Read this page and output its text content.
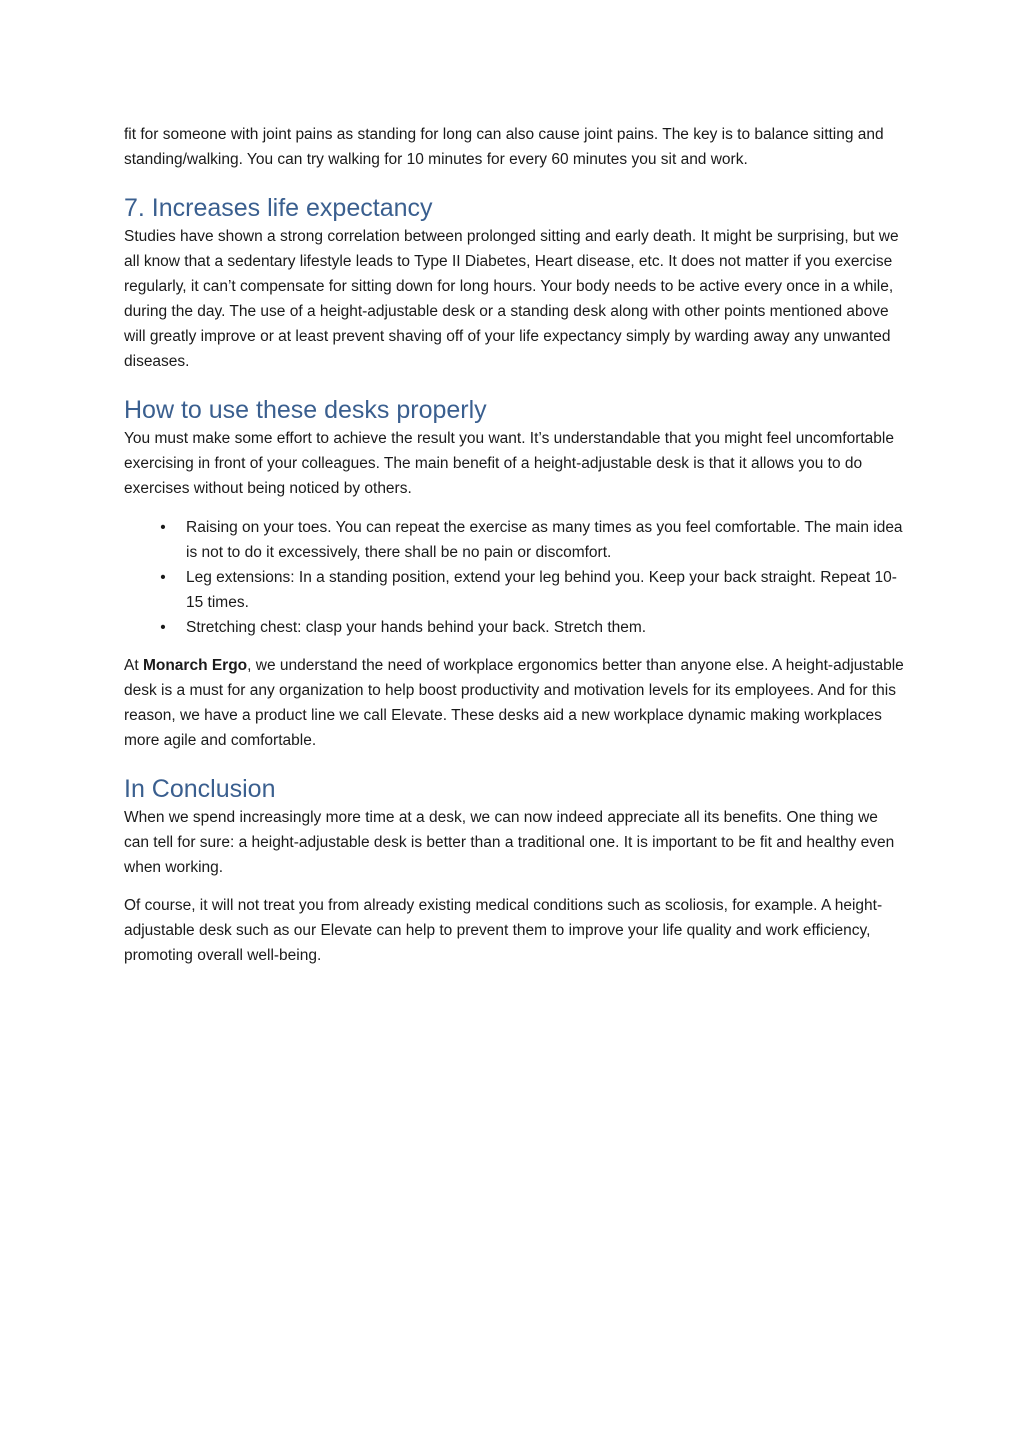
fit for someone with joint pains as standing for long can also cause joint pains. The key is to balance sitting and standing/walking. You can try walking for 10 minutes for every 60 minutes you sit and work.

7. Increases life expectancy

Studies have shown a strong correlation between prolonged sitting and early death. It might be surprising, but we all know that a sedentary lifestyle leads to Type II Diabetes, Heart disease, etc. It does not matter if you exercise regularly, it can’t compensate for sitting down for long hours. Your body needs to be active every once in a while, during the day. The use of a height-adjustable desk or a standing desk along with other points mentioned above will greatly improve or at least prevent shaving off of your life expectancy simply by warding away any unwanted diseases.

How to use these desks properly

You must make some effort to achieve the result you want. It’s understandable that you might feel uncomfortable exercising in front of your colleagues. The main benefit of a height-adjustable desk is that it allows you to do exercises without being noticed by others.

• Raising on your toes. You can repeat the exercise as many times as you feel comfortable. The main idea is not to do it excessively, there shall be no pain or discomfort.
• Leg extensions: In a standing position, extend your leg behind you. Keep your back straight. Repeat 10-15 times.
• Stretching chest: clasp your hands behind your back. Stretch them.

At Monarch Ergo, we understand the need of workplace ergonomics better than anyone else. A height-adjustable desk is a must for any organization to help boost productivity and motivation levels for its employees. And for this reason, we have a product line we call Elevate. These desks aid a new workplace dynamic making workplaces more agile and comfortable.

In Conclusion

When we spend increasingly more time at a desk, we can now indeed appreciate all its benefits. One thing we can tell for sure: a height-adjustable desk is better than a traditional one. It is important to be fit and healthy even when working.

Of course, it will not treat you from already existing medical conditions such as scoliosis, for example. A height-adjustable desk such as our Elevate can help to prevent them to improve your life quality and work efficiency, promoting overall well-being.
